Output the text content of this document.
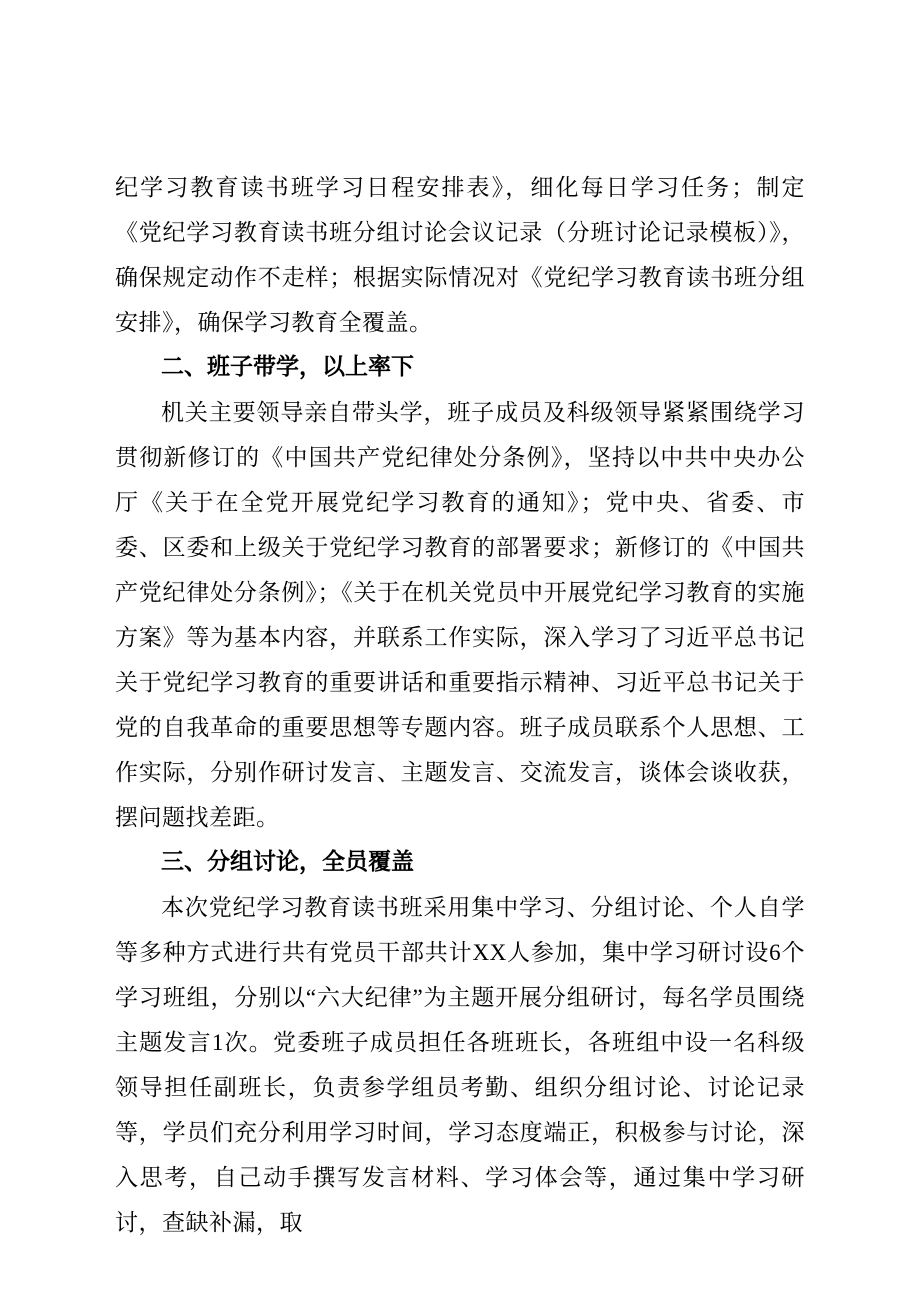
纪学习教育读书班学习日程安排表》，细化每日学习任务；制定《党纪学习教育读书班分组讨论会议记录（分班讨论记录模板）》，确保规定动作不走样；根据实际情况对《党纪学习教育读书班分组安排》，确保学习教育全覆盖。

二、班子带学，以上率下

机关主要领导亲自带头学，班子成员及科级领导紧紧围绕学习贯彻新修订的《中国共产党纪律处分条例》，坚持以中共中央办公厅《关于在全党开展党纪学习教育的通知》；党中央、省委、市委、区委和上级关于党纪学习教育的部署要求；新修订的《中国共产党纪律处分条例》；《关于在机关党员中开展党纪学习教育的实施方案》等为基本内容，并联系工作实际，深入学习了习近平总书记关于党纪学习教育的重要讲话和重要指示精神、习近平总书记关于党的自我革命的重要思想等专题内容。班子成员联系个人思想、工作实际，分别作研讨发言、主题发言、交流发言，谈体会谈收获，摆问题找差距。

三、分组讨论，全员覆盖

本次党纪学习教育读书班采用集中学习、分组讨论、个人自学等多种方式进行共有党员干部共计XX人参加，集中学习研讨设6个学习班组，分别以“六大纪律”为主题开展分组研讨，每名学员围绕主题发言1次。党委班子成员担任各班班长，各班组中设一名科级领导担任副班长，负责参学组员考勤、组织分组讨论、讨论记录等，学员们充分利用学习时间，学习态度端正，积极参与讨论，深入思考，自己动手撰写发言材料、学习体会等，通过集中学习研讨，查缺补漏，取
